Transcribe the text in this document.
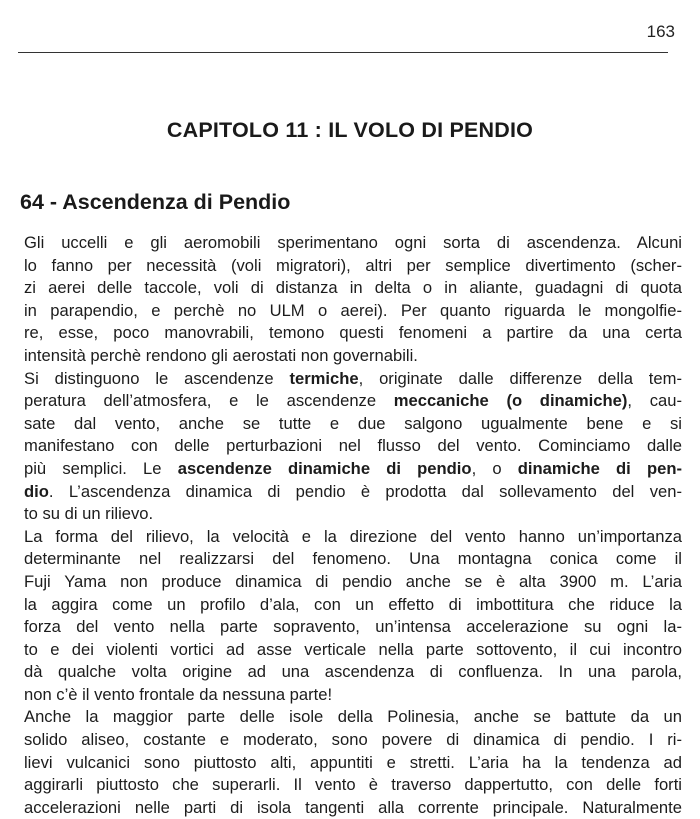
163
CAPITOLO 11 : IL VOLO DI PENDIO
64 - Ascendenza di Pendio
Gli uccelli e gli aeromobili sperimentano ogni sorta di ascendenza. Alcuni
lo fanno per necessità (voli migratori), altri per semplice divertimento (scher-
zi aerei delle taccole, voli di distanza in delta o in aliante, guadagni di quota
in parapendio, e perchè no ULM o aerei). Per quanto riguarda le mongolfie-
re, esse, poco manovrabili, temono questi fenomeni a partire da una certa
intensità perchè rendono gli aerostati non governabili.
Si distinguono le ascendenze termiche, originate dalle differenze della tem-
peratura dell’atmosfera, e le ascendenze meccaniche (o dinamiche), cau-
sate dal vento, anche se tutte e due salgono ugualmente bene e si
manifestano con delle perturbazioni nel flusso del vento. Cominciamo dalle
più semplici. Le ascendenze dinamiche di pendio, o dinamiche di pen-
dio. L’ascendenza dinamica di pendio è prodotta dal sollevamento del ven-
to su di un rilievo.
La forma del rilievo, la velocità e la direzione del vento hanno un’importanza
determinante nel realizzarsi del fenomeno. Una montagna conica come il
Fuji Yama non produce dinamica di pendio anche se è alta 3900 m. L’aria
la aggira come un profilo d’ala, con un effetto di imbottitura che riduce la
forza del vento nella parte sopravento, un’intensa accelerazione su ogni la-
to e dei violenti vortici ad asse verticale nella parte sottovento, il cui incontro
dà qualche volta origine ad una ascendenza di confluenza. In una parola,
non c’è il vento frontale da nessuna parte!
Anche la maggior parte delle isole della Polinesia, anche se battute da un
solido aliseo, costante e moderato, sono povere di dinamica di pendio. I ri-
lievi vulcanici sono piuttosto alti, appuntiti e stretti. L’aria ha la tendenza ad
aggirarli piuttosto che superarli. Il vento è traverso dappertutto, con delle forti
accelerazioni nelle parti di isola tangenti alla corrente principale. Naturalmente
